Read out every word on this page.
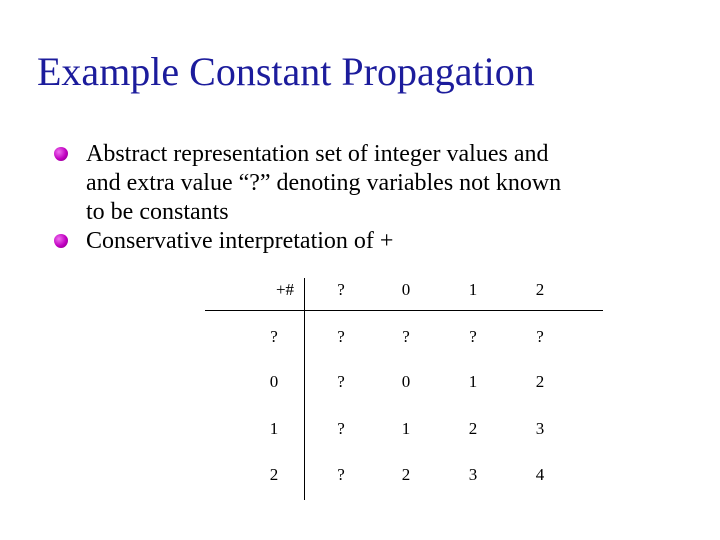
Example Constant Propagation
Abstract representation set of integer values and
and extra value “?” denoting variables not known
to be constants
Conservative interpretation of +
+#	?	0	1	2
?	?	?	?	?
0	?	0	1	2
1	?	1	2	3
2	?	2	3	4
